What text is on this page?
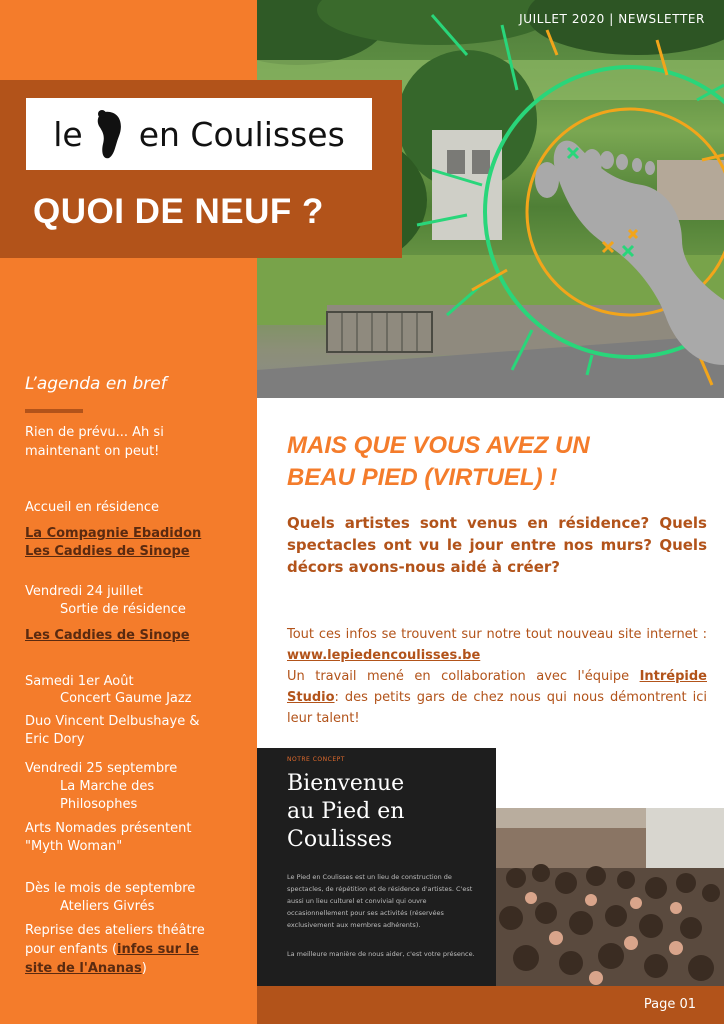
JUILLET 2020 | NEWSLETTER
le en Coulisses
QUOI DE NEUF ?
L’agenda en bref
Rien de prévu... Ah si
maintenant on peut!
Accueil en résidence
La Compagnie Ebadidon
Les Caddies de Sinope
Vendredi 24 juillet
Sortie de résidence
Les Caddies de Sinope
Samedi 1er Août
Concert Gaume Jazz
Duo Vincent Delbushaye &
Eric Dory
Vendredi 25 septembre
La Marche des
Philosophes
Arts Nomades présentent
"Myth Woman"
Dès le mois de septembre
Ateliers Givrés
Reprise des ateliers théâtre
pour enfants (infos sur le
site de l'Ananas)
MAIS QUE VOUS AVEZ UN
BEAU PIED (VIRTUEL) !
Quels artistes sont venus en résidence? Quels spectacles ont vu le jour entre nos murs? Quels décors avons-nous aidé à créer?
Tout ces infos se trouvent sur notre tout nouveau site internet : www.lepiedencoulisses.be
Un travail mené en collaboration avec l'équipe Intrépide Studio: des petits gars de chez nous qui nous démontrent ici leur talent!
NOTRE CONCEPT
Bienvenue
au Pied en
Coulisses
Le Pied en Coulisses est un lieu de construction de spectacles, de répétition et de résidence d'artistes. C'est aussi un lieu culturel et convivial qui ouvre occasionnellement pour ses activités (réservées exclusivement aux membres adhérents).
La meilleure manière de nous aider, c'est votre présence.
Page 01
